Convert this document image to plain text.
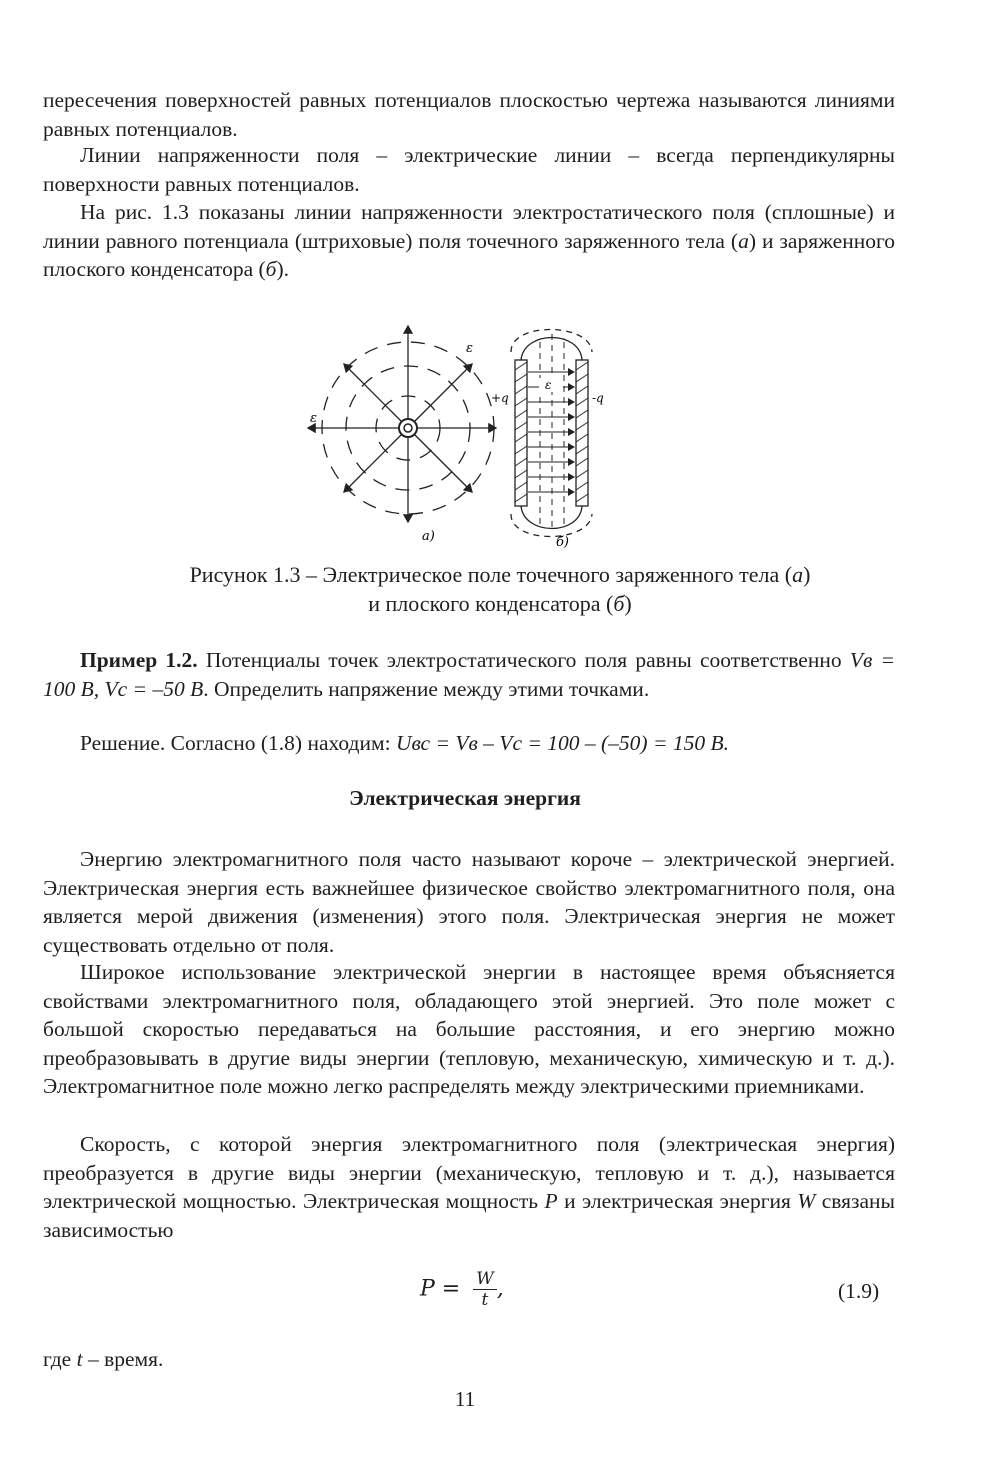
пересечения поверхностей равных потенциалов плоскостью чертежа называются линиями равных потенциалов.

Линии напряженности поля – электрические линии – всегда перпендикулярны поверхности равных потенциалов.

На рис. 1.3 показаны линии напряженности электростатического поля (сплошные) и линии равного потенциала (штриховые) поля точечного заряженного тела (а) и заряженного плоского конденсатора (б).

ε
ε
а)
ε
+q	-q
б)
Рисунок 1.3 – Электрическое поле точечного заряженного тела (а)
и плоского конденсатора (б)

Пример 1.2. Потенциалы точек электростатического поля равны соответственно Vв = 100 В, Vс = –50 В. Определить напряжение между этими точками.

Решение. Согласно (1.8) находим: Uвс = Vв – Vс = 100 – (–50) = 150 В.

Электрическая энергия

Энергию электромагнитного поля часто называют короче – электрической энергией. Электрическая энергия есть важнейшее физическое свойство электромагнитного поля, она является мерой движения (изменения) этого поля. Электрическая энергия не может существовать отдельно от поля.

Широкое использование электрической энергии в настоящее время объясняется свойствами электромагнитного поля, обладающего этой энергией. Это поле может с большой скоростью передаваться на большие расстояния, и его энергию можно преобразовывать в другие виды энергии (тепловую, механическую, химическую и т. д.). Электромагнитное поле можно легко распределять между электрическими приемниками.

Скорость, с которой энергия электромагнитного поля (электрическая энергия) преобразуется в другие виды энергии (механическую, тепловую и т. д.), называется электрической мощностью. Электрическая мощность P и электрическая энергия W связаны зависимостью

$P = \frac{W}{t}$ ,	(1.9)

где t – время.

11
